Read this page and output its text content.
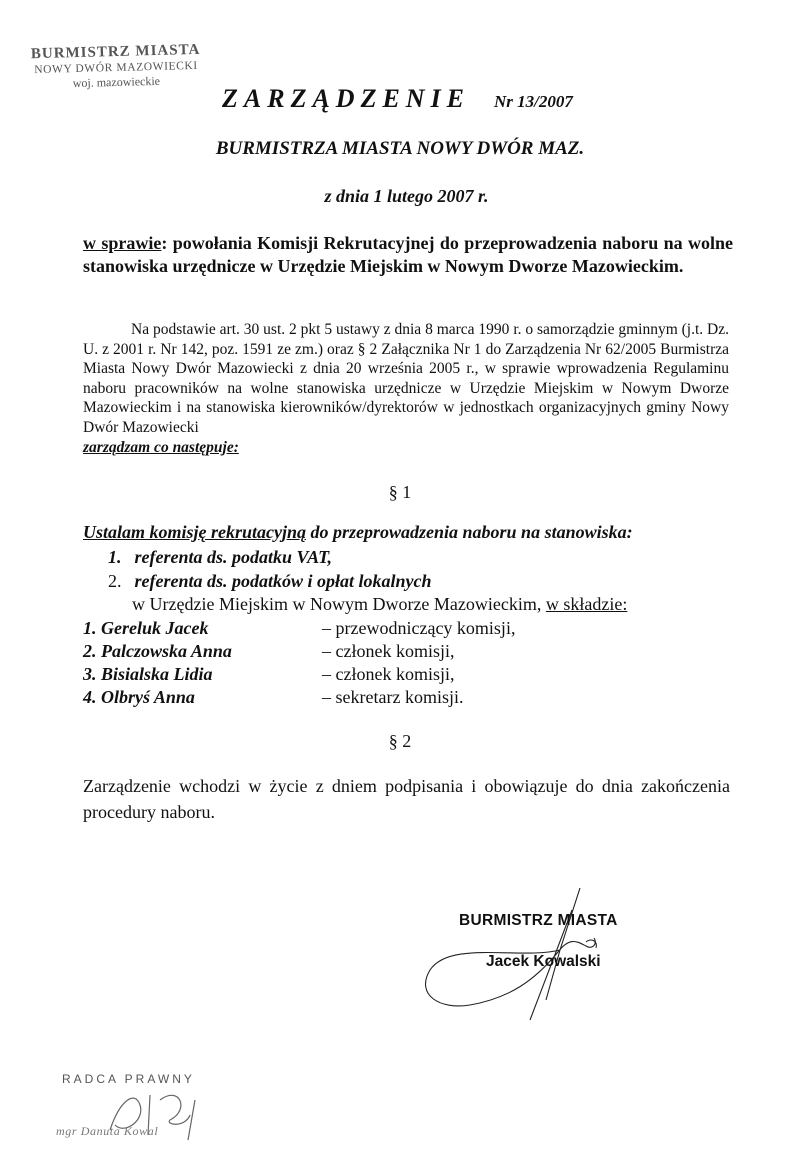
BURMISTRZ MIASTA
NOWY DWÓR MAZOWIECKI
woj. mazowieckie
ZARZĄDZENIE Nr 13/2007
BURMISTRZA MIASTA NOWY DWÓR MAZ.
z dnia 1 lutego 2007 r.
w sprawie: powołania Komisji Rekrutacyjnej do przeprowadzenia naboru na wolne stanowiska urzędnicze w Urzędzie Miejskim w Nowym Dworze Mazowieckim.
Na podstawie art. 30 ust. 2 pkt 5 ustawy z dnia 8 marca 1990 r. o samorządzie gminnym (j.t. Dz. U. z 2001 r. Nr 142, poz. 1591 ze zm.) oraz § 2 Załącznika Nr 1 do Zarządzenia Nr 62/2005 Burmistrza Miasta Nowy Dwór Mazowiecki z dnia 20 września 2005 r., w sprawie wprowadzenia Regulaminu naboru pracowników na wolne stanowiska urzędnicze w Urzędzie Miejskim w Nowym Dworze Mazowieckim i na stanowiska kierowników/dyrektorów w jednostkach organizacyjnych gminy Nowy Dwór Mazowiecki
zarządzam co następuje:
§ 1
Ustalam komisję rekrutacyjną do przeprowadzenia naboru na stanowiska:
1. referenta ds. podatku VAT,
2. referenta ds. podatków i opłat lokalnych
w Urzędzie Miejskim w Nowym Dworze Mazowieckim, w składzie:
1. Gereluk Jacek	– przewodniczący komisji,
2. Palczowska Anna	– członek komisji,
3. Bisialska Lidia	– członek komisji,
4. Olbryś Anna	– sekretarz komisji.
§ 2
Zarządzenie wchodzi w życie z dniem podpisania i obowiązuje do dnia zakończenia procedury naboru.
BURMISTRZ MIASTA
Jacek Kowalski
RADCA PRAWNY
mgr Danuta Kowal
